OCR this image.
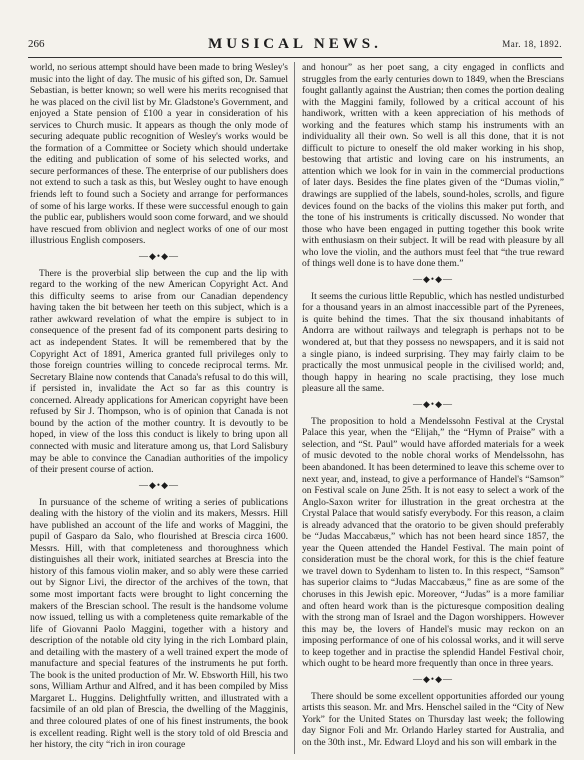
266	MUSICAL NEWS.	Mar. 18, 1892.

world, no serious attempt should have been made to bring Wesley's music into the light of day. The music of his gifted son, Dr. Samuel Sebastian, is better known; so well were his merits recognised that he was placed on the civil list by Mr. Gladstone's Government, and enjoyed a State pension of £100 a year in consideration of his services to Church music. It appears as though the only mode of securing adequate public recognition of Wesley's works would be the formation of a Committee or Society which should undertake the editing and publication of some of his selected works, and secure performances of these. The enterprise of our publishers does not extend to such a task as this, but Wesley ought to have enough friends left to found such a Society and arrange for performances of some of his large works. If these were successful enough to gain the public ear, publishers would soon come forward, and we should have rescued from oblivion and neglect works of one of our most illustrious English composers.

—◆•◆—

There is the proverbial slip between the cup and the lip with regard to the working of the new American Copyright Act. And this difficulty seems to arise from our Canadian dependency having taken the bit between her teeth on this subject, which is a rather awkward revelation of what the empire is subject to in consequence of the present fad of its component parts desiring to act as independent States. It will be remembered that by the Copyright Act of 1891, America granted full privileges only to those foreign countries willing to concede reciprocal terms. Mr. Secretary Blaine now contends that Canada's refusal to do this will, if persisted in, invalidate the Act so far as this country is concerned. Already applications for American copyright have been refused by Sir J. Thompson, who is of opinion that Canada is not bound by the action of the mother country. It is devoutly to be hoped, in view of the loss this conduct is likely to bring upon all connected with music and literature among us, that Lord Salisbury may be able to convince the Canadian authorities of the impolicy of their present course of action.

—◆•◆—

In pursuance of the scheme of writing a series of publications dealing with the history of the violin and its makers, Messrs. Hill have published an account of the life and works of Maggini, the pupil of Gasparo da Salo, who flourished at Brescia circa 1600. Messrs. Hill, with that completeness and thoroughness which distinguishes all their work, initiated searches at Brescia into the history of this famous violin maker, and so ably were these carried out by Signor Livi, the director of the archives of the town, that some most important facts were brought to light concerning the makers of the Brescian school. The result is the handsome volume now issued, telling us with a completeness quite remarkable of the life of Giovanni Paolo Maggini, together with a history and description of the notable old city lying in the rich Lombard plain, and detailing with the mastery of a well trained expert the mode of manufacture and special features of the instruments he put forth. The book is the united production of Mr. W. Ebsworth Hill, his two sons, William Arthur and Alfred, and it has been compiled by Miss Margaret L. Huggins. Delightfully written, and illustrated with a facsimile of an old plan of Brescia, the dwelling of the Magginis, and three coloured plates of one of his finest instruments, the book is excellent reading. Right well is the story told of old Brescia and her history, the city “rich in iron courage

and honour” as her poet sang, a city engaged in conflicts and struggles from the early centuries down to 1849, when the Brescians fought gallantly against the Austrian; then comes the portion dealing with the Maggini family, followed by a critical account of his handiwork, written with a keen appreciation of his methods of working and the features which stamp his instruments with an individuality all their own. So well is all this done, that it is not difficult to picture to oneself the old maker working in his shop, bestowing that artistic and loving care on his instruments, an attention which we look for in vain in the commercial productions of later days. Besides the fine plates given of the “Dumas violin,” drawings are supplied of the labels, sound-holes, scrolls, and figure devices found on the backs of the violins this maker put forth, and the tone of his instruments is critically discussed. No wonder that those who have been engaged in putting together this book write with enthusiasm on their subject. It will be read with pleasure by all who love the violin, and the authors must feel that “the true reward of things well done is to have done them.”

—◆•◆—

It seems the curious little Republic, which has nestled undisturbed for a thousand years in an almost inaccessible part of the Pyrenees, is quite behind the times. That the six thousand inhabitants of Andorra are without railways and telegraph is perhaps not to be wondered at, but that they possess no newspapers, and it is said not a single piano, is indeed surprising. They may fairly claim to be practically the most unmusical people in the civilised world; and, though happy in hearing no scale practising, they lose much pleasure all the same.

—◆•◆—

The proposition to hold a Mendelssohn Festival at the Crystal Palace this year, when the “Elijah,” the “Hymn of Praise” with a selection, and “St. Paul” would have afforded materials for a week of music devoted to the noble choral works of Mendelssohn, has been abandoned. It has been determined to leave this scheme over to next year, and, instead, to give a performance of Handel's “Samson” on Festival scale on June 25th. It is not easy to select a work of the Anglo-Saxon writer for illustration in the great orchestra at the Crystal Palace that would satisfy everybody. For this reason, a claim is already advanced that the oratorio to be given should preferably be “Judas Maccabæus,” which has not been heard since 1857, the year the Queen attended the Handel Festival. The main point of consideration must be the choral work, for this is the chief feature we travel down to Sydenham to listen to. In this respect, “Samson” has superior claims to “Judas Maccabæus,” fine as are some of the choruses in this Jewish epic. Moreover, “Judas” is a more familiar and often heard work than is the picturesque composition dealing with the strong man of Israel and the Dagon worshippers. However this may be, the lovers of Handel's music may reckon on an imposing performance of one of his colossal works, and it will serve to keep together and in practise the splendid Handel Festival choir, which ought to be heard more frequently than once in three years.

—◆•◆—

There should be some excellent opportunities afforded our young artists this season. Mr. and Mrs. Henschel sailed in the “City of New York” for the United States on Thursday last week; the following day Signor Foli and Mr. Orlando Harley started for Australia, and on the 30th inst., Mr. Edward Lloyd and his son will embark in the
